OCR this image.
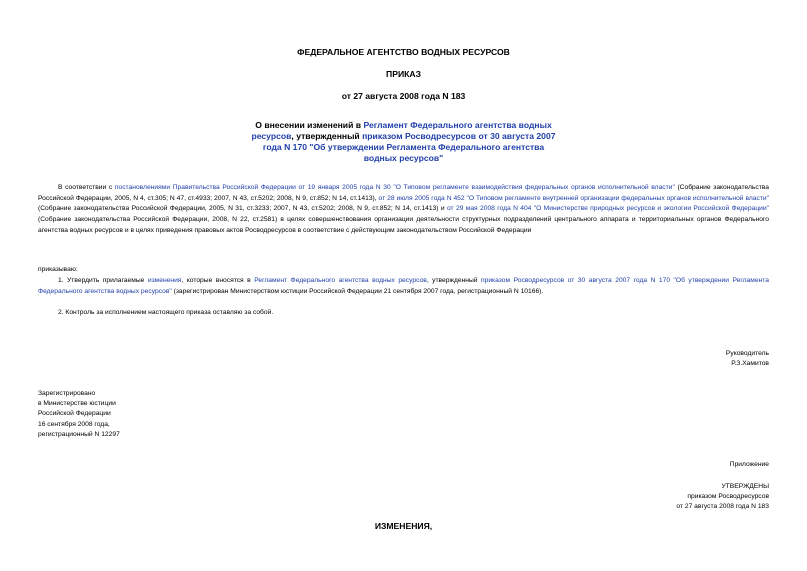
ФЕДЕРАЛЬНОЕ АГЕНТСТВО ВОДНЫХ РЕСУРСОВ
ПРИКАЗ
от 27 августа 2008 года N 183
О внесении изменений в Регламент Федерального агентства водных ресурсов, утвержденный приказом Росводресурсов от 30 августа 2007 года N 170 "Об утверждении Регламента Федерального агентства водных ресурсов"
В соответствии с постановлениями Правительства Российской Федерации от 19 января 2005 года N 30 "О Типовом регламенте взаимодействия федеральных органов исполнительной власти" (Собрание законодательства Российской Федерации, 2005, N 4, ст.305; N 47, ст.4933; 2007, N 43, ст.5202; 2008, N 9, ст.852; N 14, ст.1413), от 28 июля 2005 года N 452 "О Типовом регламенте внутренней организации федеральных органов исполнительной власти" (Собрание законодательства Российской Федерации, 2005, N 31, ст.3233; 2007, N 43, ст.5202; 2008, N 9, ст.852; N 14, ст.1413) и от 29 мая 2008 года N 404 "О Министерстве природных ресурсов и экологии Российской Федерации" (Собрание законодательства Российской Федерации, 2008, N 22, ст.2581) в целях совершенствования организации деятельности структурных подразделений центрального аппарата и территориальных органов Федерального агентства водных ресурсов и в целях приведения правовых актов Росводресурсов в соответствие с действующим законодательством Российской Федерации
приказываю:
1. Утвердить прилагаемые изменения, которые вносятся в Регламент Федерального агентства водных ресурсов, утвержденный приказом Росводресурсов от 30 августа 2007 года N 170 "Об утверждении Регламента Федерального агентства водных ресурсов" (зарегистрирован Министерством юстиции Российской Федерации 21 сентября 2007 года, регистрационный N 10166).
2. Контроль за исполнением настоящего приказа оставляю за собой.
Руководитель
Р.З.Хамитов
Зарегистрировано
в Министерстве юстиции
Российской Федерации
16 сентября 2008 года,
регистрационный N 12297
Приложение
УТВЕРЖДЕНЫ
приказом Росводресурсов
от 27 августа 2008 года N 183
ИЗМЕНЕНИЯ,
